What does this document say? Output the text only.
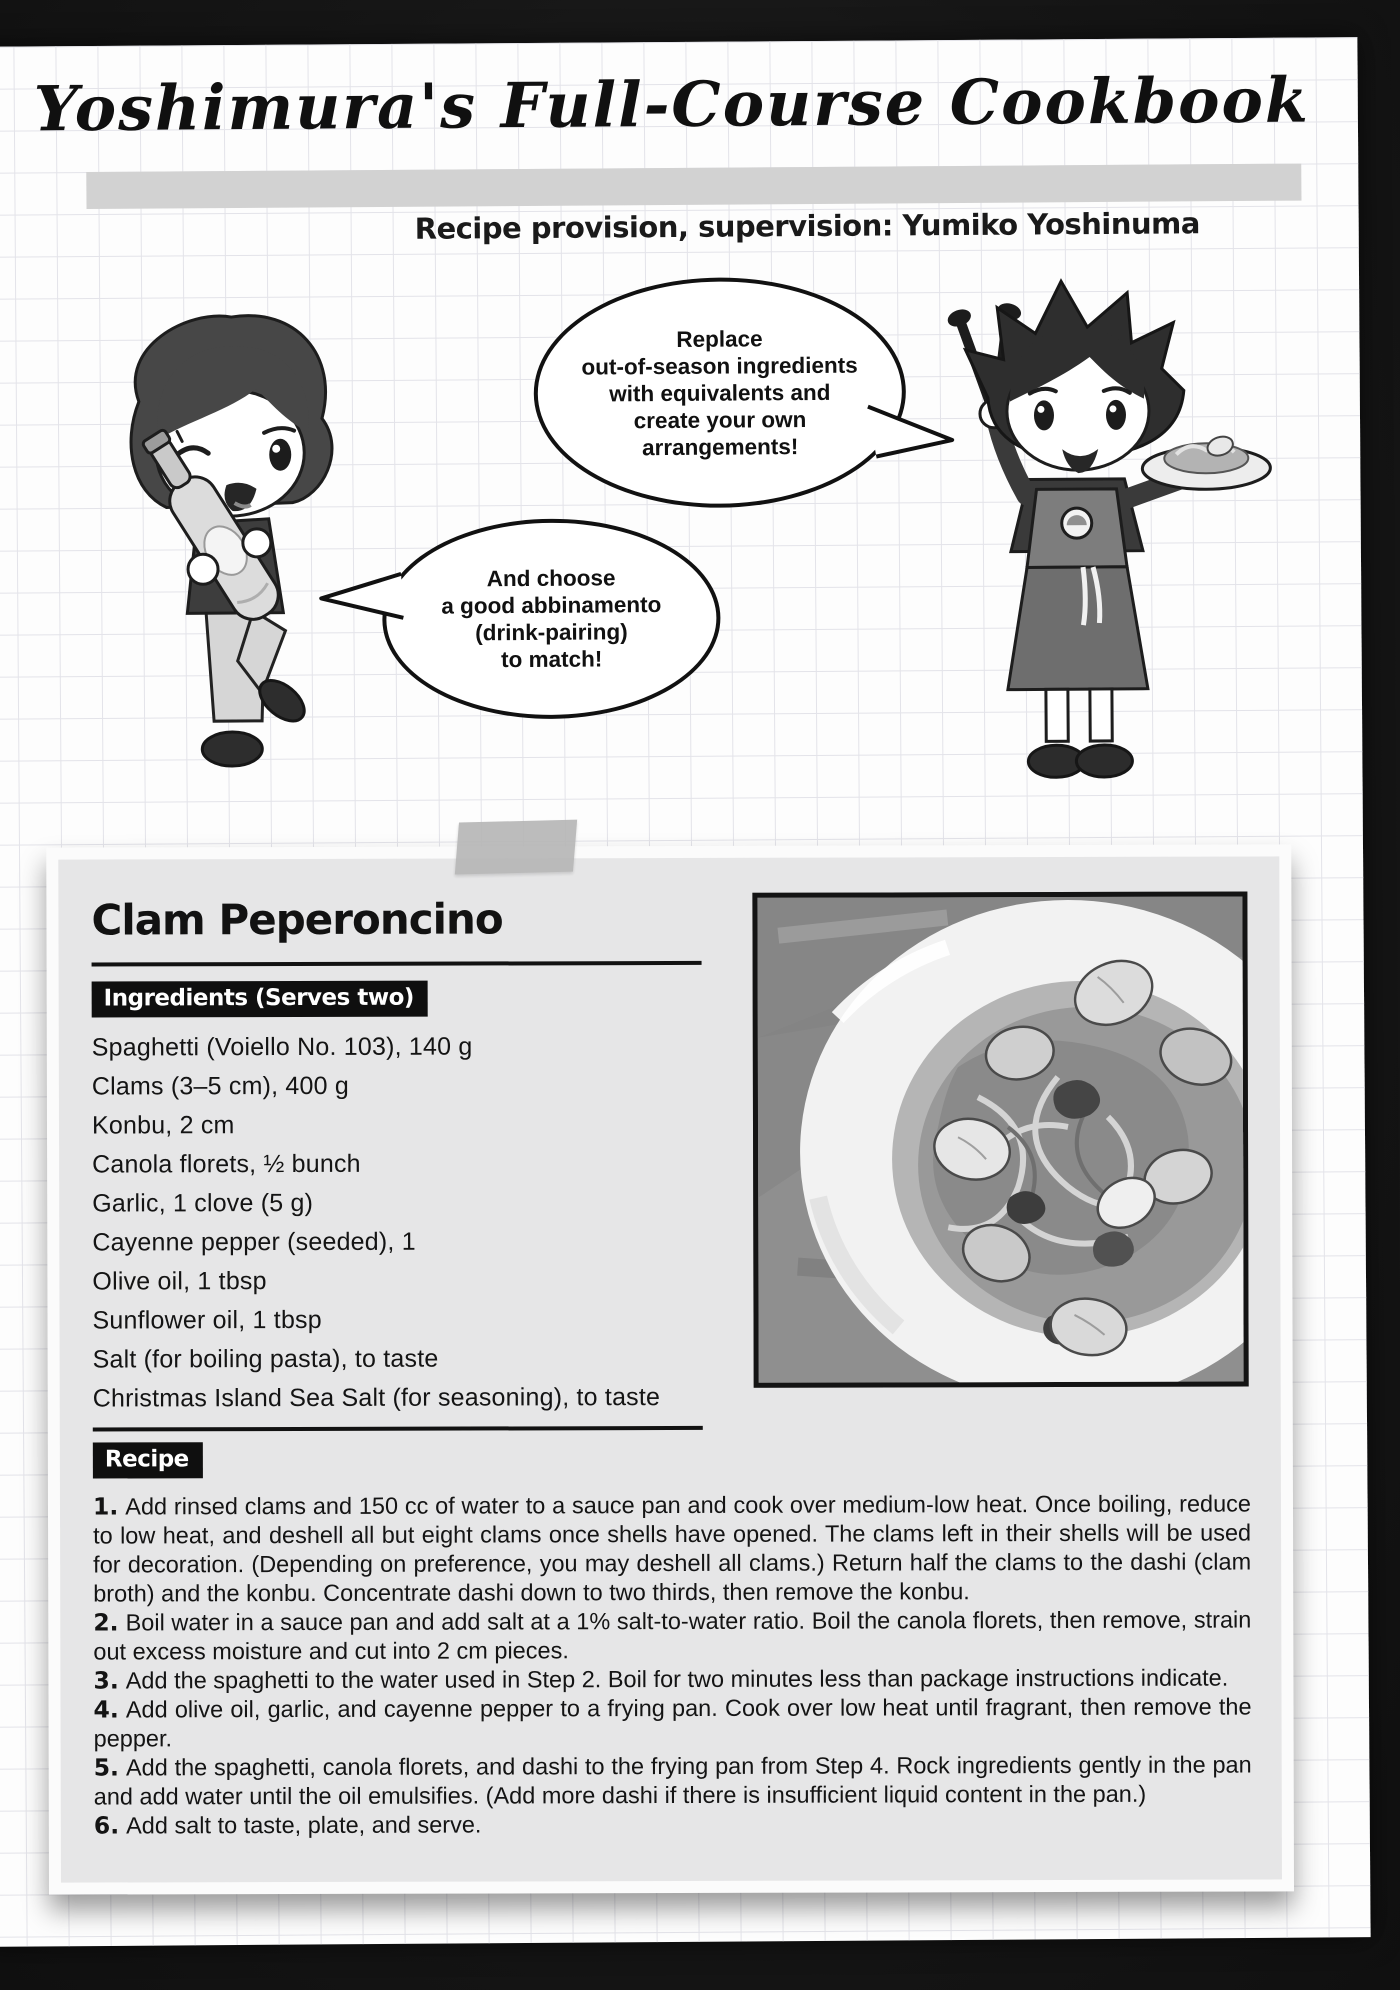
Yoshimura's Full-Course Cookbook
Recipe provision, supervision: Yumiko Yoshinuma
Replace
out-of-season ingredients
with equivalents and
create your own
arrangements!
And choose
a good abbinamento
(drink-pairing)
to match!
Clam Peperoncino
Ingredients (Serves two)
Spaghetti (Voiello No. 103), 140 g
Clams (3–5 cm), 400 g
Konbu, 2 cm
Canola florets, ½ bunch
Garlic, 1 clove (5 g)
Cayenne pepper (seeded), 1
Olive oil, 1 tbsp
Sunflower oil, 1 tbsp
Salt (for boiling pasta), to taste
Christmas Island Sea Salt (for seasoning), to taste
Recipe
1. Add rinsed clams and 150 cc of water to a sauce pan and cook over medium-low heat. Once boiling, reduce to low heat, and deshell all but eight clams once shells have opened. The clams left in their shells will be used for decoration. (Depending on preference, you may deshell all clams.) Return half the clams to the dashi (clam broth) and the konbu. Concentrate dashi down to two thirds, then remove the konbu.
2. Boil water in a sauce pan and add salt at a 1% salt-to-water ratio. Boil the canola florets, then remove, strain out excess moisture and cut into 2 cm pieces.
3. Add the spaghetti to the water used in Step 2. Boil for two minutes less than package instructions indicate.
4. Add olive oil, garlic, and cayenne pepper to a frying pan. Cook over low heat until fragrant, then remove the pepper.
5. Add the spaghetti, canola florets, and dashi to the frying pan from Step 4. Rock ingredients gently in the pan and add water until the oil emulsifies. (Add more dashi if there is insufficient liquid content in the pan.)
6. Add salt to taste, plate, and serve.
